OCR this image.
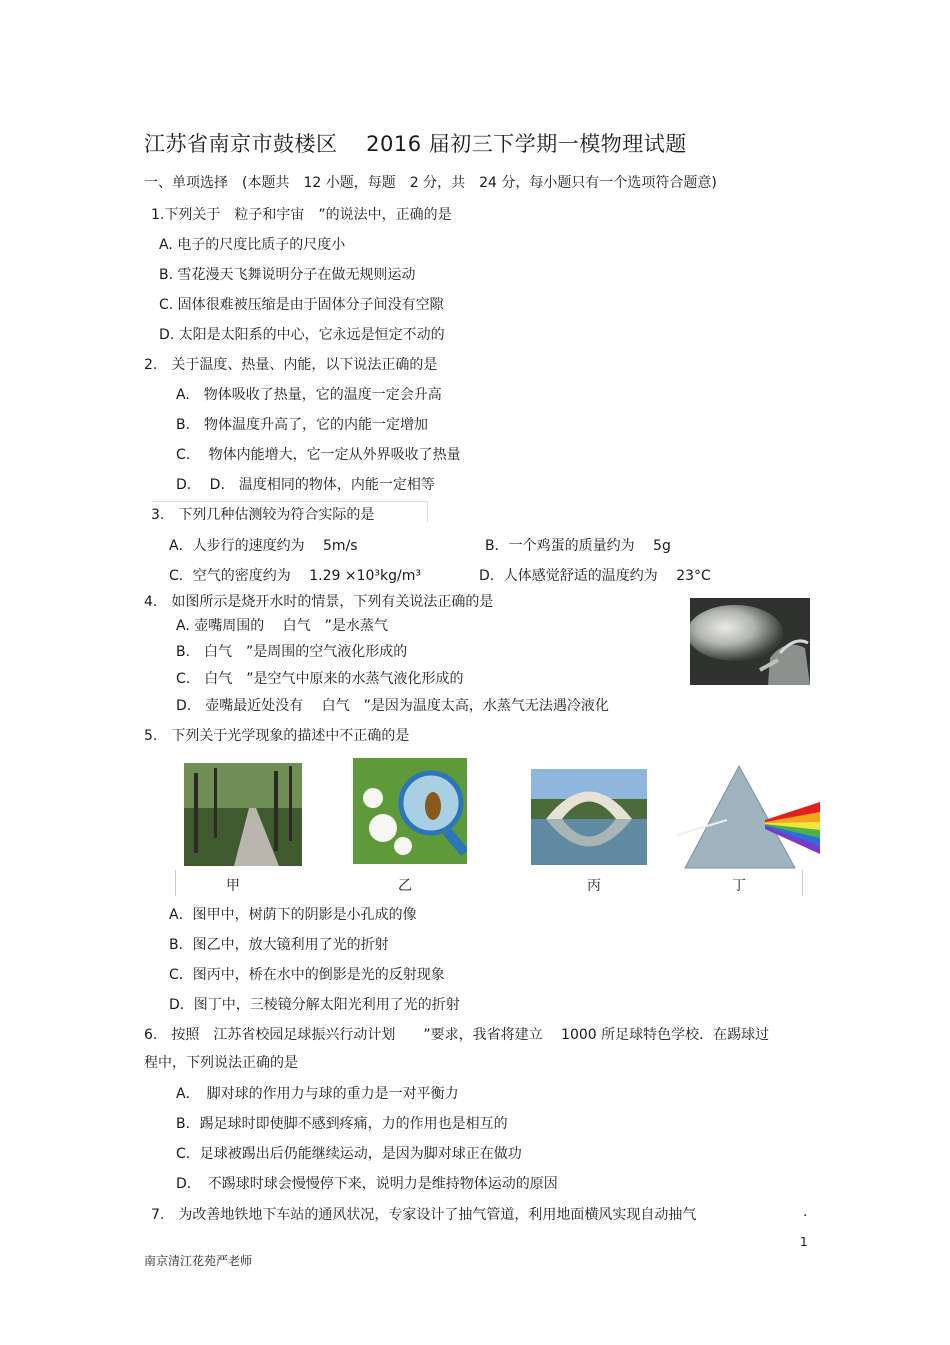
江苏省南京市鼓楼区　 2016 届初三下学期一模物理试题
一、单项选择　(本题共　12 小题，每题　2 分，共　24 分，每小题只有一个选项符合题意)
1.下列关于　粒子和宇宙　”的说法中，正确的是
A. 电子的尺度比质子的尺度小
B. 雪花漫天飞舞说明分子在做无规则运动
C. 固体很难被压缩是由于固体分子间没有空隙
D. 太阳是太阳系的中心，它永远是恒定不动的
2.　关于温度、热量、内能，以下说法正确的是
A.　物体吸收了热量，它的温度一定会升高
B.　物体温度升高了，它的内能一定增加
C.　 物体内能增大，它一定从外界吸收了热量
D.　 D.　温度相同的物体，内能一定相等
3.　下列几种估测较为符合实际的是
A．人步行的速度约为　 5m/s	B．一个鸡蛋的质量约为　 5g
C．空气的密度约为　 1.29 ×10³kg/m³	D．人体感觉舒适的温度约为　 23°C
4.　如图所示是烧开水时的情景，下列有关说法正确的是
A. 壶嘴周围的　 白气　”是水蒸气
B.　白气　”是周围的空气液化形成的
C.　白气　”是空气中原来的水蒸气液化形成的
D.　壶嘴最近处没有　 白气　”是因为温度太高，水蒸气无法遇冷液化
5.　下列关于光学现象的描述中不正确的是
甲	乙	丙	丁
A．图甲中，树荫下的阴影是小孔成的像
B．图乙中，放大镜利用了光的折射
C．图丙中，桥在水中的倒影是光的反射现象
D．图丁中，三棱镜分解太阳光利用了光的折射
6.　按照　江苏省校园足球振兴行动计划　　”要求，我省将建立　 1000 所足球特色学校．在踢球过
程中，下列说法正确的是
A．　脚对球的作用力与球的重力是一对平衡力
B．踢足球时即使脚不感到疼痛，力的作用也是相互的
C．足球被踢出后仍能继续运动，是因为脚对球正在做功
D．　不踢球时球会慢慢停下来，说明力是维持物体运动的原因
7.　为改善地铁地下车站的通风状况，专家设计了抽气管道，利用地面横风实现自动抽气	.
1
南京清江花苑严老师
